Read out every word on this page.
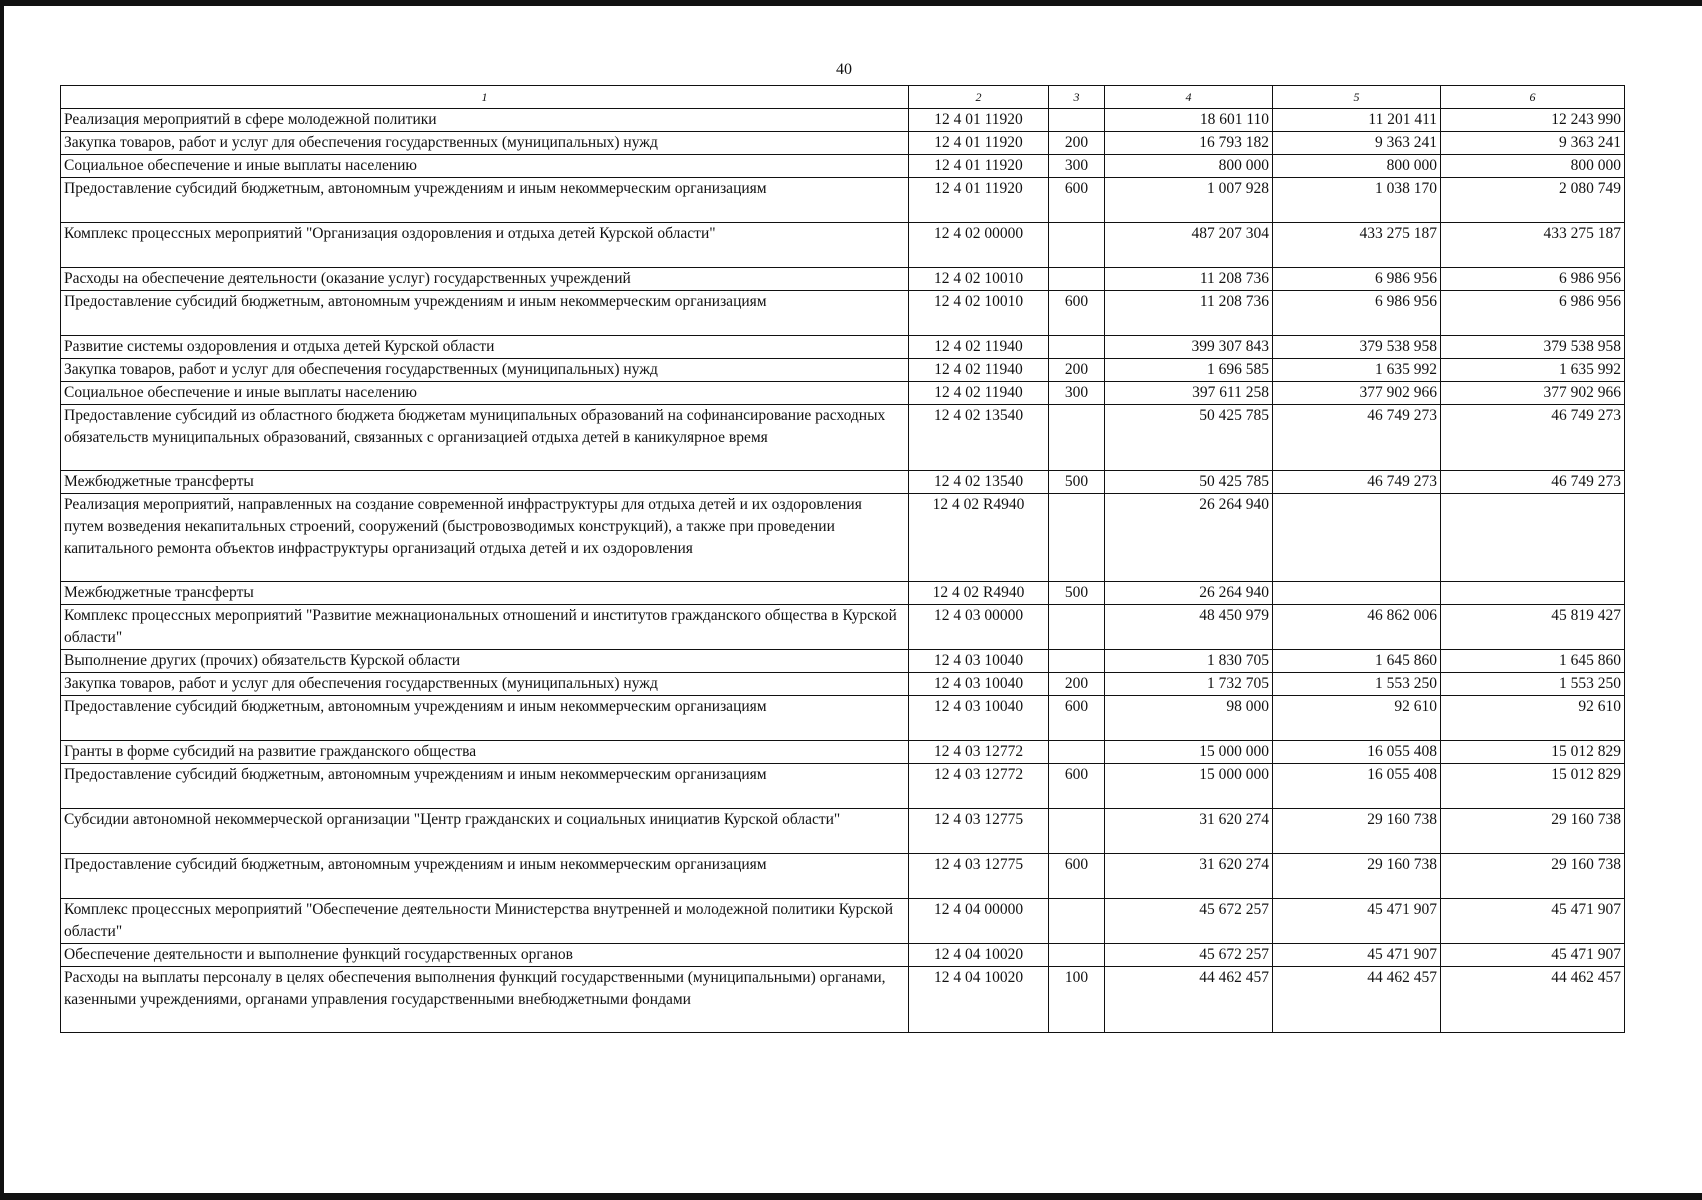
40
1	2	3	4	5	6
Реализация мероприятий в сфере молодежной политики	12 4 01 11920		18 601 110	11 201 411	12 243 990
Закупка товаров, работ и услуг для обеспечения государственных (муниципальных) нужд	12 4 01 11920	200	16 793 182	9 363 241	9 363 241
Социальное обеспечение и иные выплаты населению	12 4 01 11920	300	800 000	800 000	800 000
Предоставление субсидий бюджетным, автономным учреждениям и иным некоммерческим организациям	12 4 01 11920	600	1 007 928	1 038 170	2 080 749
Комплекс процессных мероприятий "Организация оздоровления и отдыха детей Курской области"	12 4 02 00000		487 207 304	433 275 187	433 275 187
Расходы на обеспечение деятельности (оказание услуг) государственных учреждений	12 4 02 10010		11 208 736	6 986 956	6 986 956
Предоставление субсидий бюджетным, автономным учреждениям и иным некоммерческим организациям	12 4 02 10010	600	11 208 736	6 986 956	6 986 956
Развитие системы оздоровления и отдыха детей Курской области	12 4 02 11940		399 307 843	379 538 958	379 538 958
Закупка товаров, работ и услуг для обеспечения государственных (муниципальных) нужд	12 4 02 11940	200	1 696 585	1 635 992	1 635 992
Социальное обеспечение и иные выплаты населению	12 4 02 11940	300	397 611 258	377 902 966	377 902 966
Предоставление субсидий из областного бюджета бюджетам муниципальных образований на софинансирование расходных обязательств муниципальных образований, связанных с организацией отдыха детей в каникулярное время	12 4 02 13540		50 425 785	46 749 273	46 749 273
Межбюджетные трансферты	12 4 02 13540	500	50 425 785	46 749 273	46 749 273
Реализация мероприятий, направленных на создание современной инфраструктуры для отдыха детей и их оздоровления путем возведения некапитальных строений, сооружений (быстровозводимых конструкций), а также при проведении капитального ремонта объектов инфраструктуры организаций отдыха детей и их оздоровления	12 4 02 R4940		26 264 940		
Межбюджетные трансферты	12 4 02 R4940	500	26 264 940		
Комплекс процессных мероприятий "Развитие межнациональных отношений и институтов гражданского общества в Курской области"	12 4 03 00000		48 450 979	46 862 006	45 819 427
Выполнение других (прочих) обязательств Курской области	12 4 03 10040		1 830 705	1 645 860	1 645 860
Закупка товаров, работ и услуг для обеспечения государственных (муниципальных) нужд	12 4 03 10040	200	1 732 705	1 553 250	1 553 250
Предоставление субсидий бюджетным, автономным учреждениям и иным некоммерческим организациям	12 4 03 10040	600	98 000	92 610	92 610
Гранты в форме субсидий на развитие гражданского общества	12 4 03 12772		15 000 000	16 055 408	15 012 829
Предоставление субсидий бюджетным, автономным учреждениям и иным некоммерческим организациям	12 4 03 12772	600	15 000 000	16 055 408	15 012 829
Субсидии автономной некоммерческой организации "Центр гражданских и социальных инициатив Курской области"	12 4 03 12775		31 620 274	29 160 738	29 160 738
Предоставление субсидий бюджетным, автономным учреждениям и иным некоммерческим организациям	12 4 03 12775	600	31 620 274	29 160 738	29 160 738
Комплекс процессных мероприятий "Обеспечение деятельности Министерства внутренней и молодежной политики Курской области"	12 4 04 00000		45 672 257	45 471 907	45 471 907
Обеспечение деятельности и выполнение функций государственных органов	12 4 04 10020		45 672 257	45 471 907	45 471 907
Расходы на выплаты персоналу в целях обеспечения выполнения функций государственными (муниципальными) органами, казенными учреждениями, органами управления государственными внебюджетными фондами	12 4 04 10020	100	44 462 457	44 462 457	44 462 457
